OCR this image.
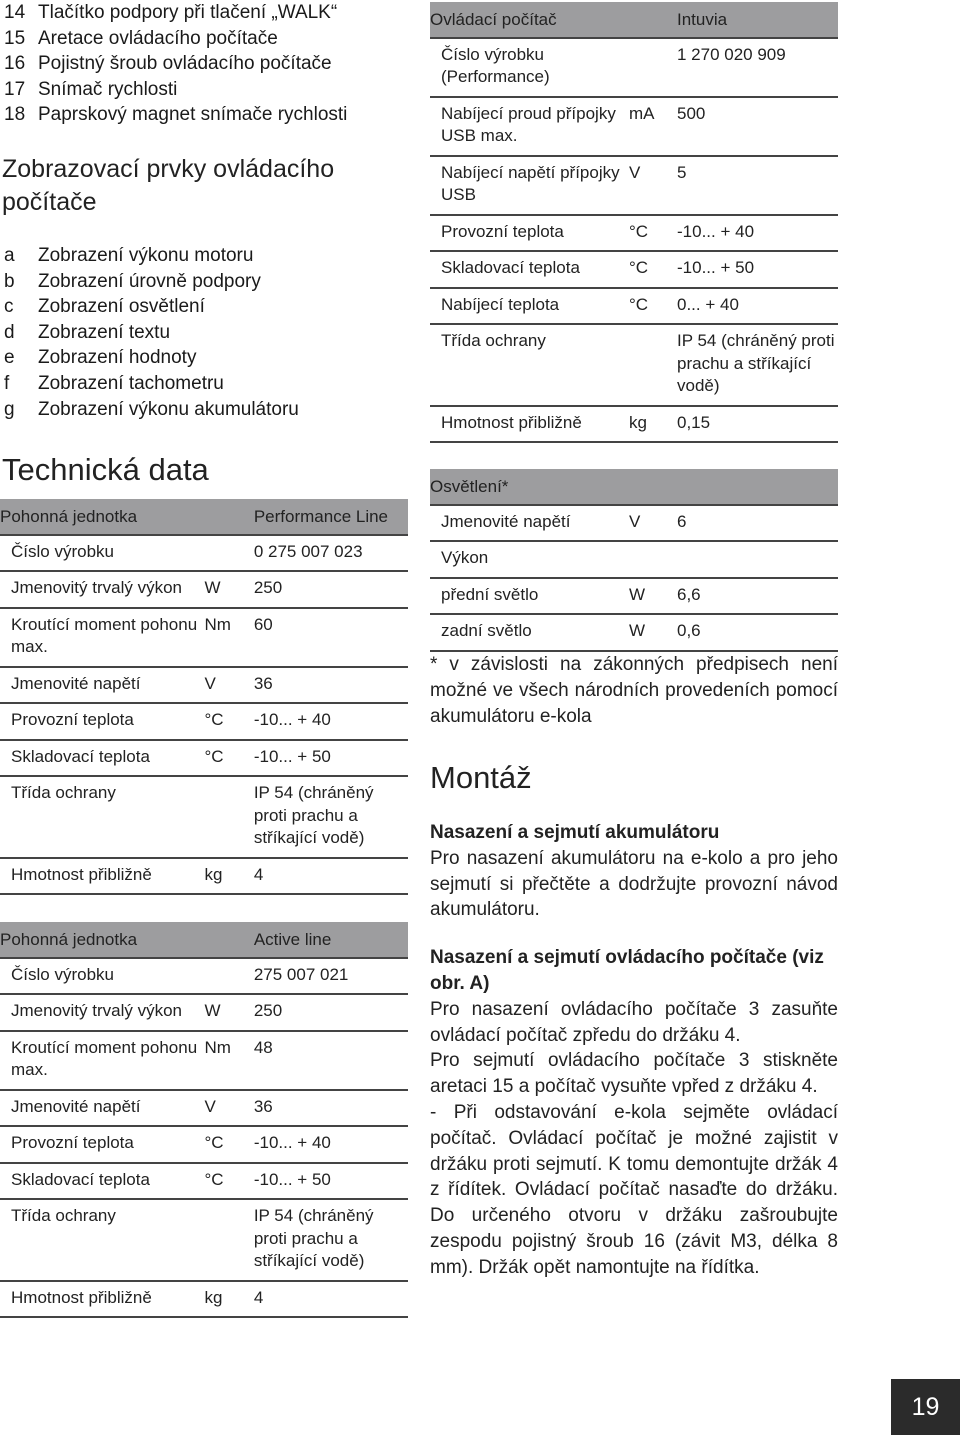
14 Tlačítko podpory při tlačení „WALK“
15 Aretace ovládacího počítače
16 Pojistný šroub ovládacího počítače
17 Snímač rychlosti
18 Paprskový magnet snímače rychlosti
Zobrazovací prvky ovládacího počítače
a	Zobrazení výkonu motoru
b	Zobrazení úrovně podpory
c	Zobrazení osvětlení
d	Zobrazení textu
e	Zobrazení hodnoty
f	Zobrazení tachometru
g	Zobrazení výkonu akumulátoru
Technická data
Pohonná jednotka		Performance Line
Číslo výrobku		0 275 007 023
Jmenovitý trvalý výkon	W	250
Kroutící moment pohonu max.	Nm	60
Jmenovité napětí	V	36
Provozní teplota	°C	-10... + 40
Skladovací teplota	°C	-10... + 50
Třída ochrany		IP 54 (chráněný proti prachu a stříkající vodě)
Hmotnost přibližně	kg	4
Pohonná jednotka		Active line
Číslo výrobku		275 007 021
Jmenovitý trvalý výkon	W	250
Kroutící moment pohonu max.	Nm	48
Jmenovité napětí	V	36
Provozní teplota	°C	-10... + 40
Skladovací teplota	°C	-10... + 50
Třída ochrany		IP 54 (chráněný proti prachu a stříkající vodě)
Hmotnost přibližně	kg	4
Ovládací počítač		Intuvia
Číslo výrobku (Performance)		1 270 020 909
Nabíjecí proud přípojky USB max.	mA	500
Nabíjecí napětí přípojky USB	V	5
Provozní teplota	°C	-10... + 40
Skladovací teplota	°C	-10... + 50
Nabíjecí teplota	°C	0... + 40
Třída ochrany		IP 54 (chráněný proti prachu a stříkající vodě)
Hmotnost přibližně	kg	0,15
Osvětlení*		
Jmenovité napětí	V	6
Výkon		
přední světlo	W	6,6
zadní světlo	W	0,6

* v závislosti na zákonných předpisech není možné ve všech národních provedeních pomocí akumulátoru e-kola

Montáž

Nasazení a sejmutí akumulátoru

Pro nasazení akumulátoru na e-kolo a pro jeho sejmutí si přečtěte a dodržujte provozní návod akumulátoru.

Nasazení a sejmutí ovládacího počítače (viz obr. A)

Pro nasazení ovládacího počítače 3 zasuňte ovládací počítač zpředu do držáku 4.

Pro sejmutí ovládacího počítače 3 stiskněte aretaci 15 a počítač vysuňte vpřed z držáku 4.

- Při odstavování e-kola sejměte ovládací počítač. Ovládací počítač je možné zajistit v držáku proti sejmutí. K tomu demontujte držák 4 z řídítek. Ovládací počítač nasaďte do držáku. Do určeného otvoru v držáku zašroubujte zespodu pojistný šroub 16 (závit M3, délka 8 mm). Držák opět namontujte na řídítka.

19
